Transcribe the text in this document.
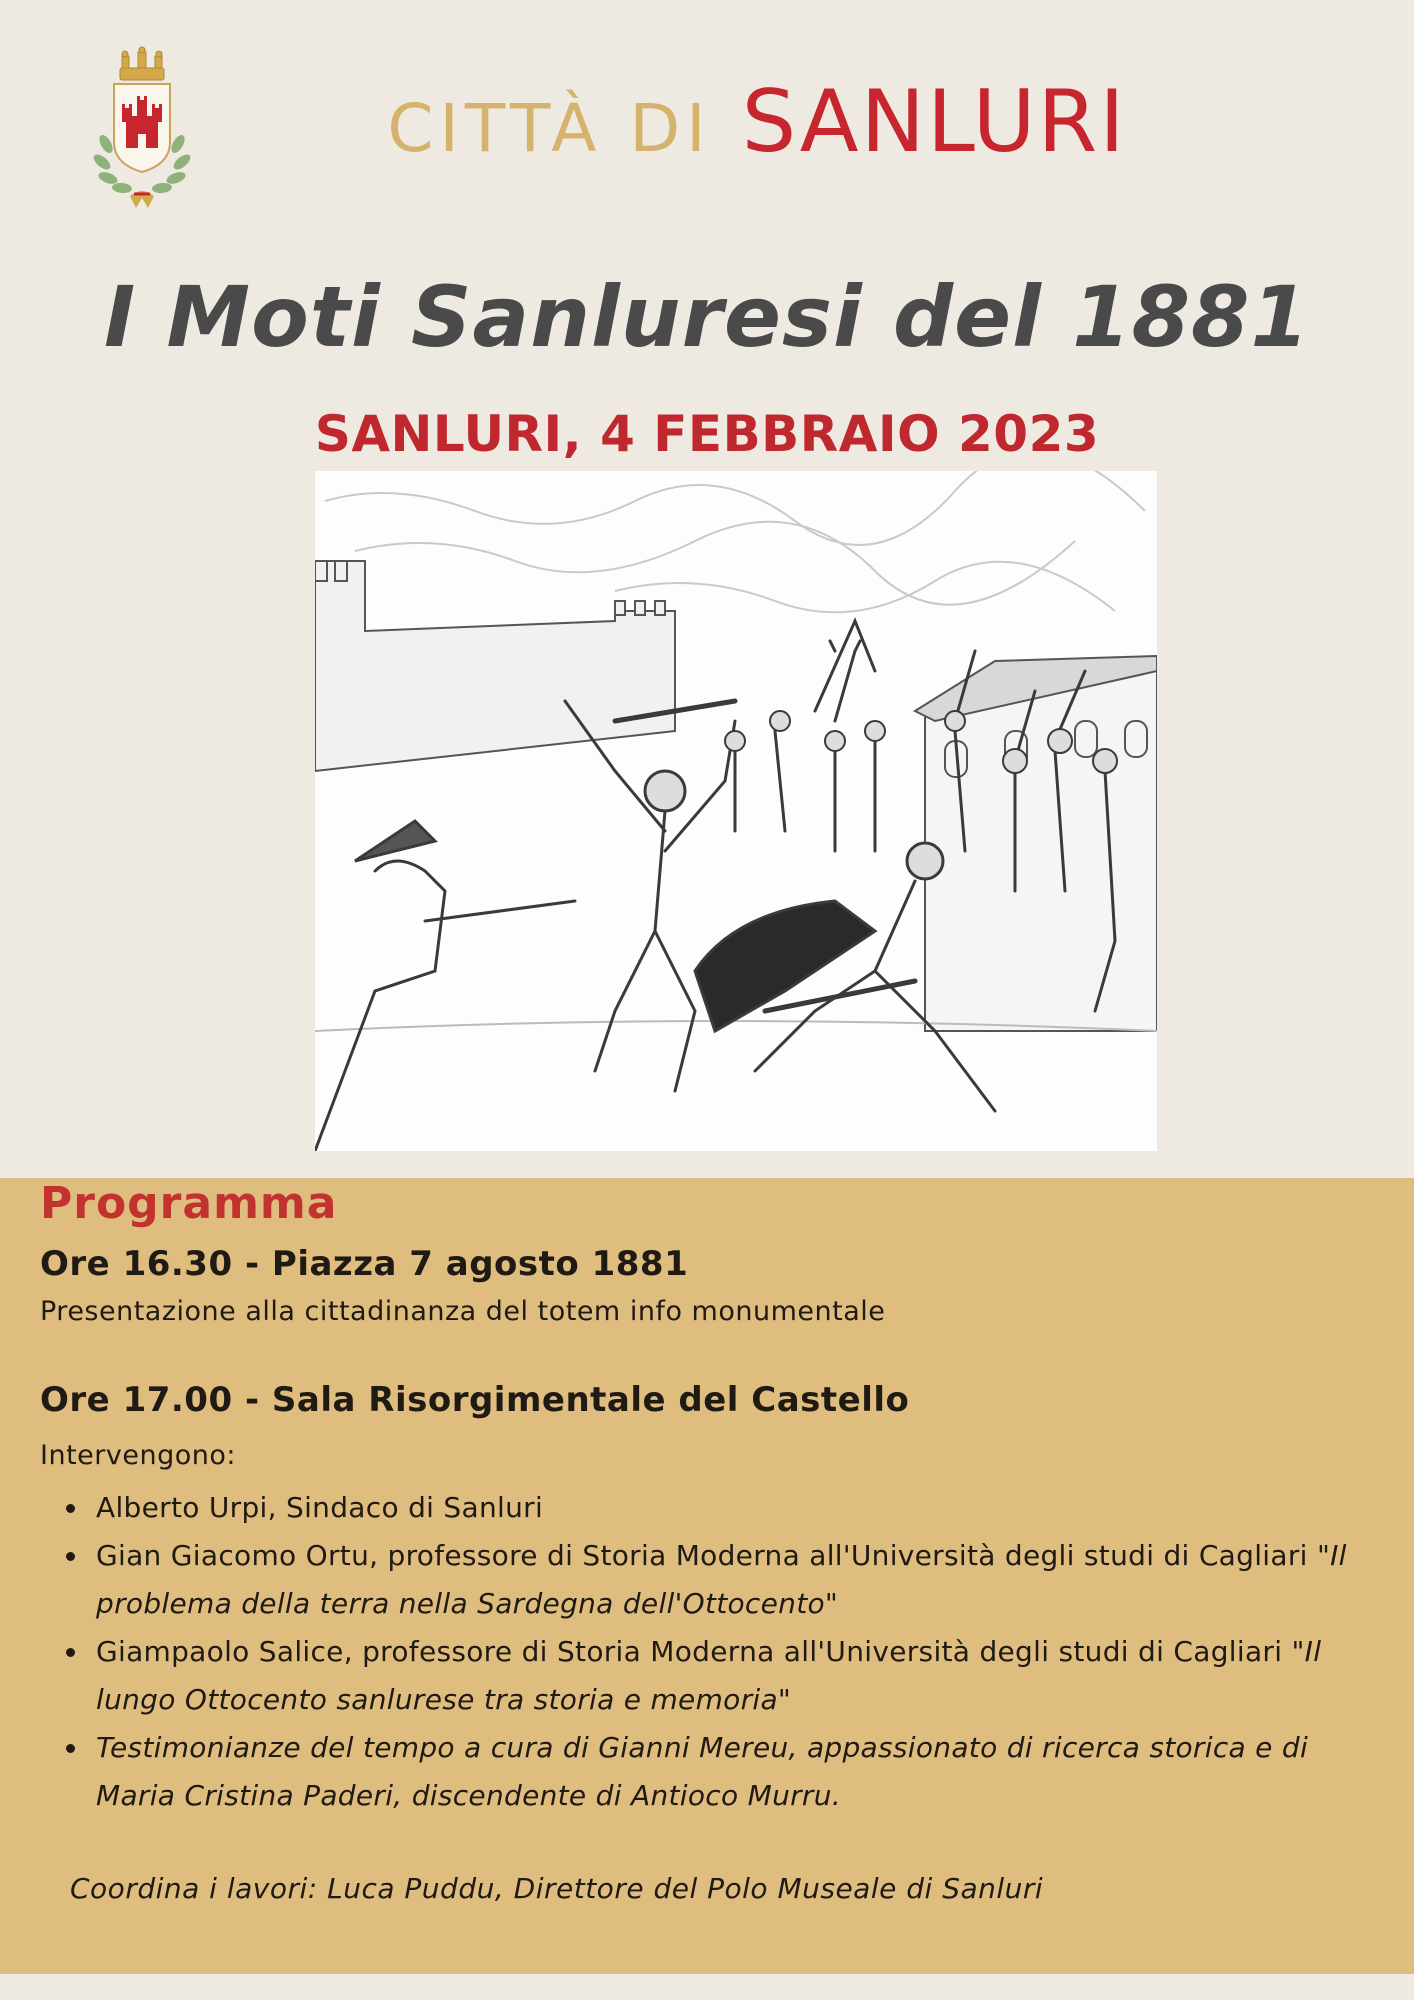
CITTÀ DI SANLURI
I Moti Sanluresi del 1881
SANLURI, 4 FEBBRAIO 2023
Programma
Ore 16.30 - Piazza 7 agosto 1881
Presentazione alla cittadinanza del totem info monumentale
Ore 17.00 - Sala Risorgimentale del Castello
Intervengono:
Alberto Urpi, Sindaco di Sanluri
Gian Giacomo Ortu, professore di Storia Moderna all'Università degli studi di Cagliari "Il problema della terra nella Sardegna dell'Ottocento"
Giampaolo Salice, professore di Storia Moderna all'Università degli studi di Cagliari "Il lungo Ottocento sanlurese tra storia e memoria"
Testimonianze del tempo a cura di Gianni Mereu, appassionato di ricerca storica e di Maria Cristina Paderi, discendente di Antioco Murru.
Coordina i lavori: Luca Puddu, Direttore del Polo Museale di Sanluri
